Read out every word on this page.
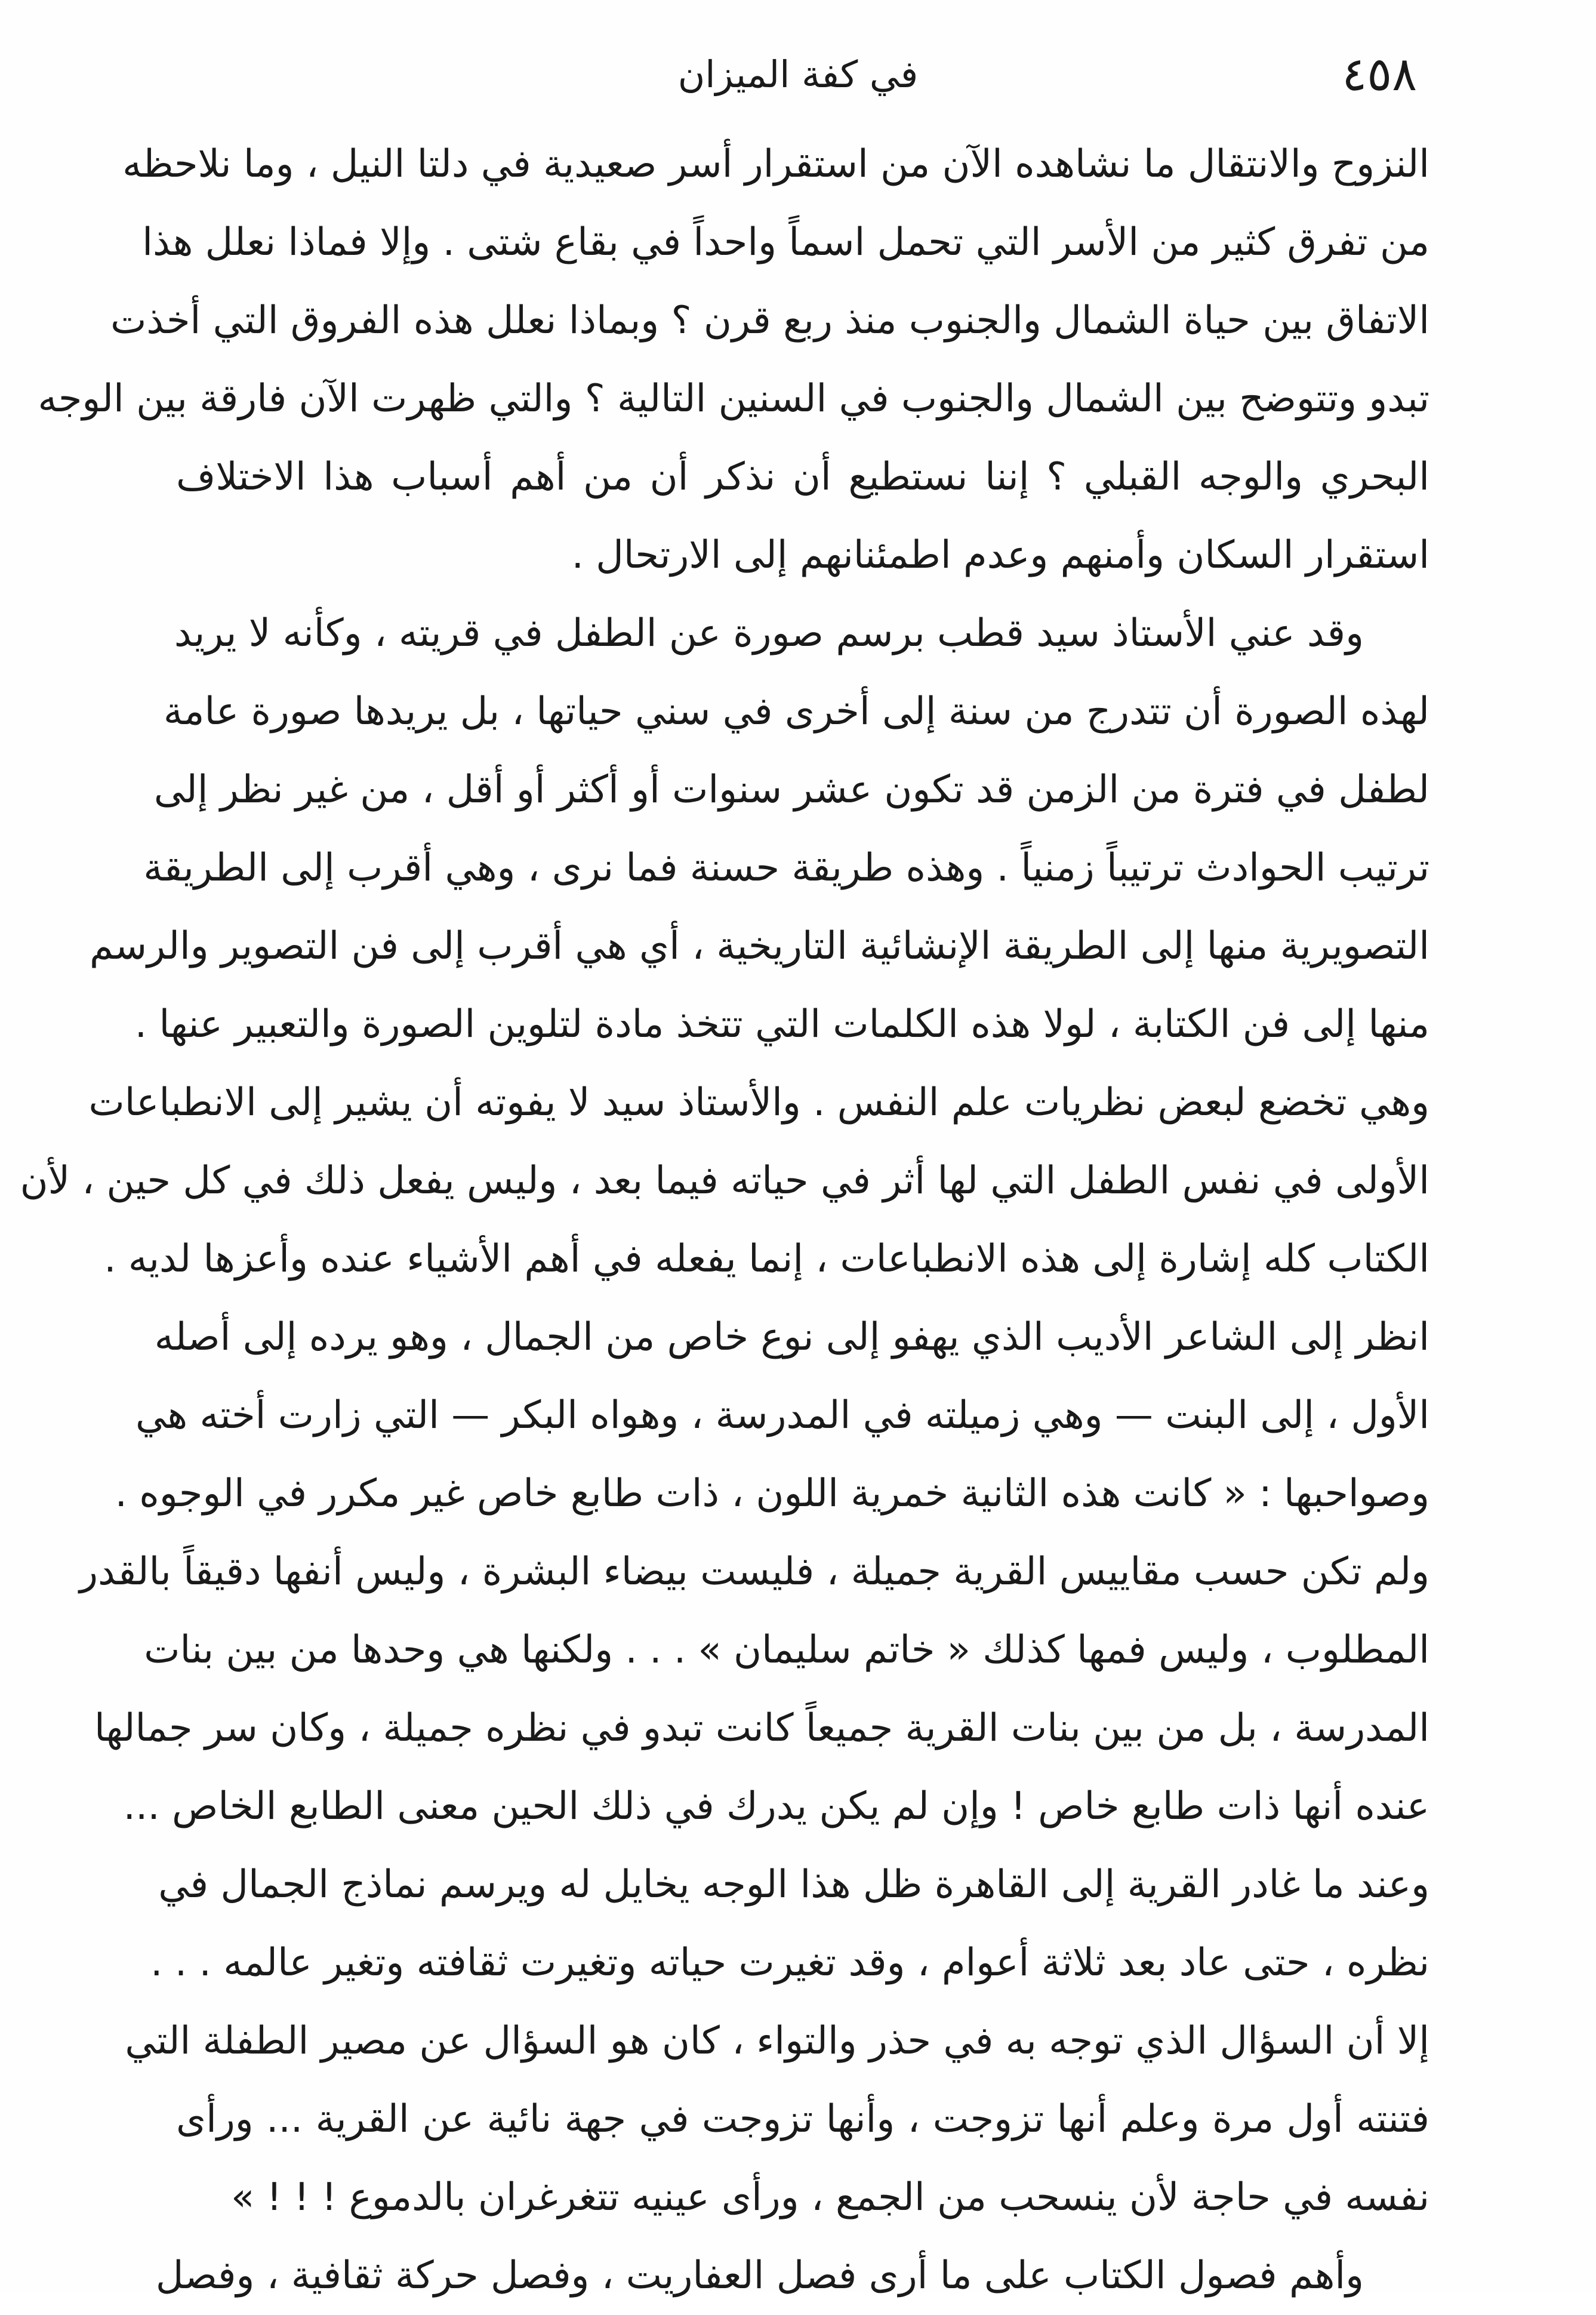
٤٥٨
في كفة الميزان
النزوح والانتقال ما نشاهده الآن من استقرار أسر صعيدية في دلتا النيل ، وما نلاحظه
من تفرق كثير من الأسر التي تحمل اسماً واحداً في بقاع شتى . وإلا فماذا نعلل هذا
الاتفاق بين حياة الشمال والجنوب منذ ربع قرن ؟ وبماذا نعلل هذه الفروق التي أخذت
تبدو وتتوضح بين الشمال والجنوب في السنين التالية ؟ والتي ظهرت الآن فارقة بين الوجه
البحري والوجه القبلي ؟ إننا نستطيع أن نذكر أن من أهم أسباب هذا الاختلاف
استقرار السكان وأمنهم وعدم اطمئنانهم إلى الارتحال .
وقد عني الأستاذ سيد قطب برسم صورة عن الطفل في قريته ، وكأنه لا يريد
لهذه الصورة أن تتدرج من سنة إلى أخرى في سني حياتها ، بل يريدها صورة عامة
لطفل في فترة من الزمن قد تكون عشر سنوات أو أكثر أو أقل ، من غير نظر إلى
ترتيب الحوادث ترتيباً زمنياً . وهذه طريقة حسنة فما نرى ، وهي أقرب إلى الطريقة
التصويرية منها إلى الطريقة الإنشائية التاريخية ، أي هي أقرب إلى فن التصوير والرسم
منها إلى فن الكتابة ، لولا هذه الكلمات التي تتخذ مادة لتلوين الصورة والتعبير عنها .
وهي تخضع لبعض نظريات علم النفس . والأستاذ سيد لا يفوته أن يشير إلى الانطباعات
الأولى في نفس الطفل التي لها أثر في حياته فيما بعد ، وليس يفعل ذلك في كل حين ، لأن
الكتاب كله إشارة إلى هذه الانطباعات ، إنما يفعله في أهم الأشياء عنده وأعزها لديه .
انظر إلى الشاعر الأديب الذي يهفو إلى نوع خاص من الجمال ، وهو يرده إلى أصله
الأول ، إلى البنت — وهي زميلته في المدرسة ، وهواه البكر — التي زارت أخته هي
وصواحبها : « كانت هذه الثانية خمرية اللون ، ذات طابع خاص غير مكرر في الوجوه .
ولم تكن حسب مقاييس القرية جميلة ، فليست بيضاء البشرة ، وليس أنفها دقيقاً بالقدر
المطلوب ، وليس فمها كذلك « خاتم سليمان » . . . ولكنها هي وحدها من بين بنات
المدرسة ، بل من بين بنات القرية جميعاً كانت تبدو في نظره جميلة ، وكان سر جمالها
عنده أنها ذات طابع خاص ! وإن لم يكن يدرك في ذلك الحين معنى الطابع الخاص ...
وعند ما غادر القرية إلى القاهرة ظل هذا الوجه يخايل له ويرسم نماذج الجمال في
نظره ، حتى عاد بعد ثلاثة أعوام ، وقد تغيرت حياته وتغيرت ثقافته وتغير عالمه . . .
إلا أن السؤال الذي توجه به في حذر والتواء ، كان هو السؤال عن مصير الطفلة التي
فتنته أول مرة وعلم أنها تزوجت ، وأنها تزوجت في جهة نائية عن القرية ... ورأى
نفسه في حاجة لأن ينسحب من الجمع ، ورأى عينيه تتغرغران بالدموع ! ! ! »
وأهم فصول الكتاب على ما أرى فصل العفاريت ، وفصل حركة ثقافية ، وفصل
